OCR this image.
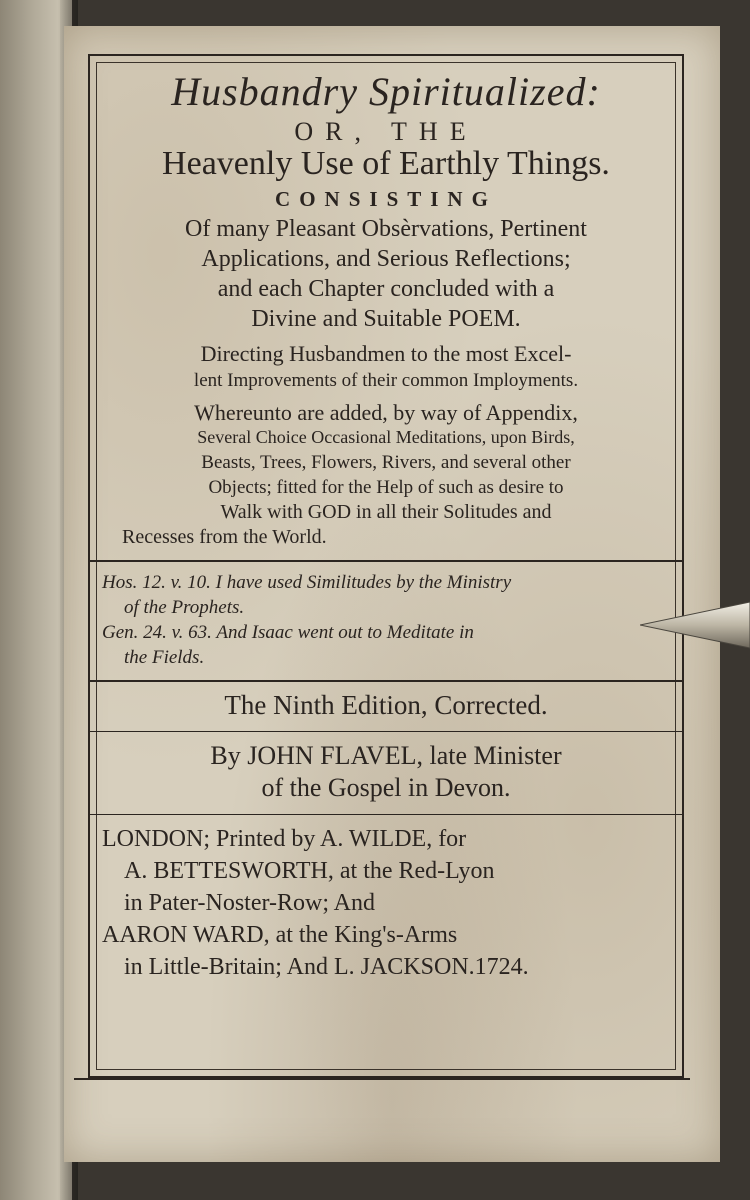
Husbandry Spiritualized:
OR, THE
Heavenly Use of Earthly Things.
CONSISTING
Of many Pleasant Obsèrvations, Pertinent
Applications, and Serious Reflections;
and each Chapter concluded with a
Divine and Suitable POEM.
Directing Husbandmen to the most Excel-
lent Improvements of their common Imployments.
Whereunto are added, by way of Appendix,
Several Choice Occasional Meditations, upon Birds,
Beasts, Trees, Flowers, Rivers, and several other
Objects; fitted for the Help of such as desire to
Walk with GOD in all their Solitudes and
Recesses from the World.
Hos. 12. v. 10. I have used Similitudes by the Ministry
of the Prophets.
Gen. 24. v. 63. And Isaac went out to Meditate in
the Fields.
The Ninth Edition, Corrected.
By JOHN FLAVEL, late Minister
of the Gospel in Devon.
LONDON; Printed by A. WILDE, for
A. BETTESWORTH, at the Red-Lyon
in Pater-Noster-Row; And
AARON WARD, at the King's-Arms
in Little-Britain; And L. JACKSON.1724.
